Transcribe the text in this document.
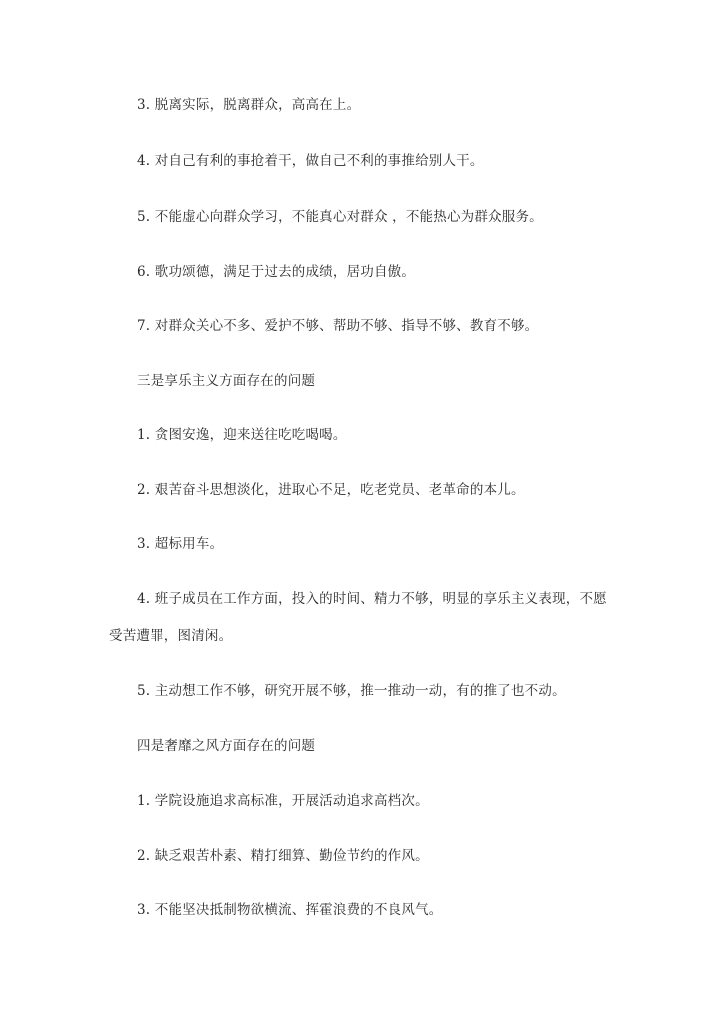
3. 脱离实际，脱离群众，高高在上。

4. 对自己有利的事抢着干，做自己不利的事推给别人干。

5. 不能虚心向群众学习，不能真心对群众 ，不能热心为群众服务。

6. 歌功颂德，满足于过去的成绩，居功自傲。

7. 对群众关心不多、爱护不够、帮助不够、指导不够、教育不够。

三是享乐主义方面存在的问题

1. 贪图安逸，迎来送往吃吃喝喝。

2. 艰苦奋斗思想淡化，进取心不足，吃老党员、老革命的本儿。

3. 超标用车。

4. 班子成员在工作方面，投入的时间、精力不够，明显的享乐主义表现，不愿

受苦遭罪，图清闲。

5. 主动想工作不够，研究开展不够，推一推动一动，有的推了也不动。

四是奢靡之风方面存在的问题

1. 学院设施追求高标准，开展活动追求高档次。

2. 缺乏艰苦朴素、精打细算、勤俭节约的作风。

3. 不能坚决抵制物欲横流、挥霍浪费的不良风气。
